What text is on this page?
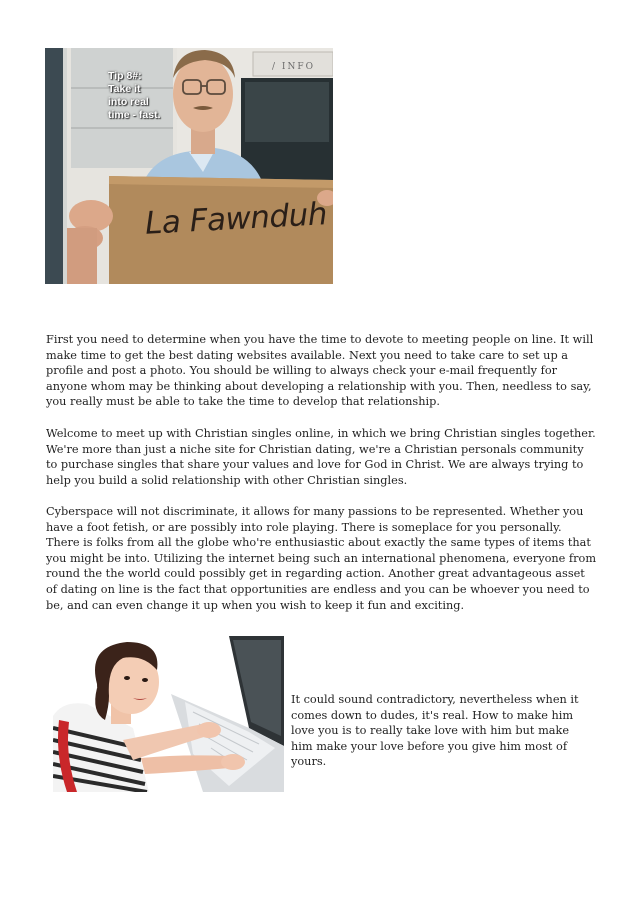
Tip 8#:
Take it
into real
time - fast.
/ INFO
La Fawnduh

First you need to determine when you have the time to devote to meeting people on line. It will make time to get the best dating websites available. Next you need to take care to set up a profile and post a photo. You should be willing to always check your e-mail frequently for anyone whom may be thinking about developing a relationship with you. Then, needless to say, you really must be able to take the time to develop that relationship.

Welcome to meet up with Christian singles online, in which we bring Christian singles together. We're more than just a niche site for Christian dating, we're a Christian personals community to purchase singles that share your values and love for God in Christ. We are always trying to help you build a solid relationship with other Christian singles.

Cyberspace will not discriminate, it allows for many passions to be represented. Whether you have a foot fetish, or are possibly into role playing. There is someplace for you personally. There is folks from all the globe who're enthusiastic about exactly the same types of items that you might be into. Utilizing the internet being such an international phenomena, everyone from round the the world could possibly get in regarding action. Another great advantageous asset of dating on line is the fact that opportunities are endless and you can be whoever you need to be, and can even change it up when you wish to keep it fun and exciting.

It could sound contradictory, nevertheless when it comes down to dudes, it's real. How to make him love you is to really take love with him but make him make your love before you give him most of yours.
